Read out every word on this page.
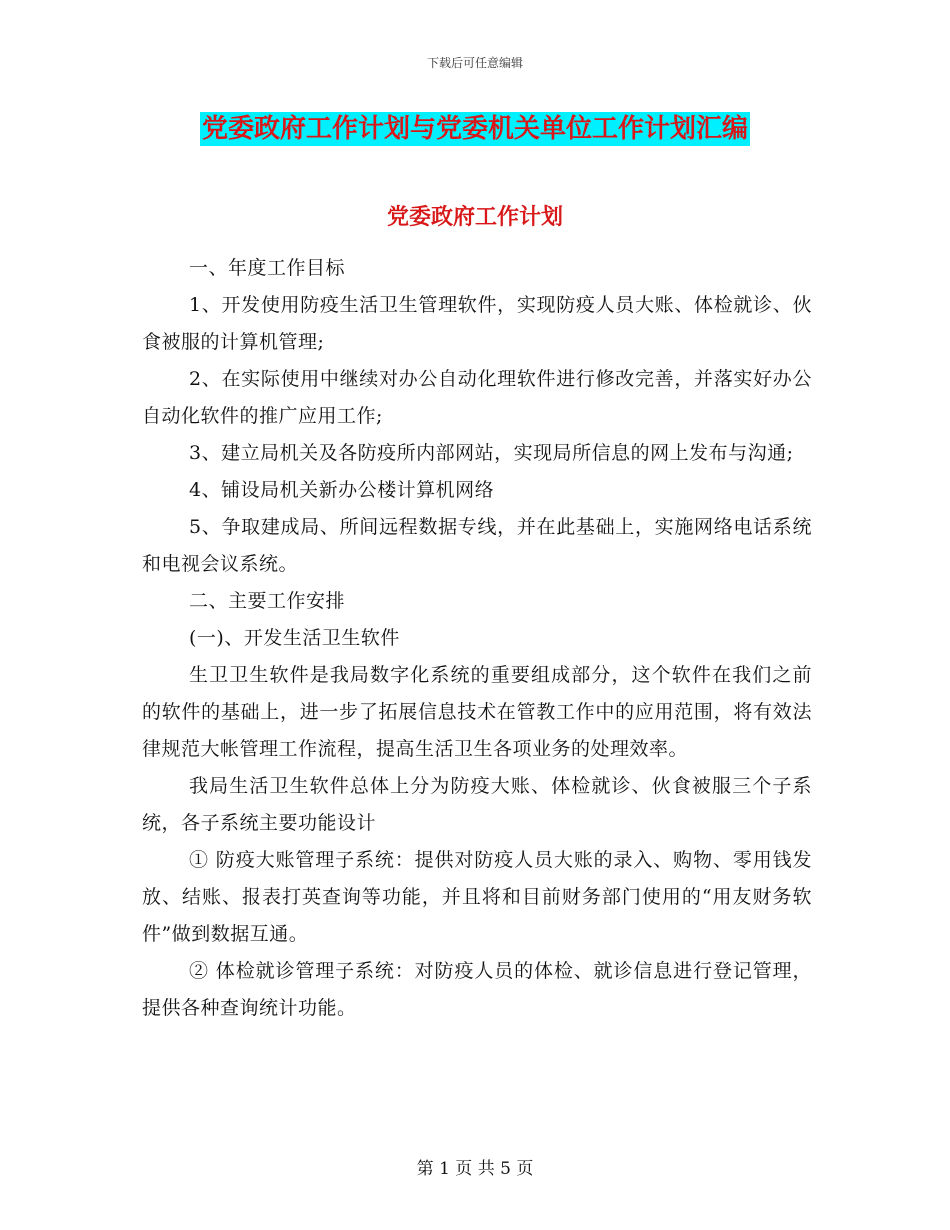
下载后可任意编辑
党委政府工作计划与党委机关单位工作计划汇编
党委政府工作计划

一、年度工作目标

1、开发使用防疫生活卫生管理软件，实现防疫人员大账、体检就诊、伙食被服的计算机管理;

2、在实际使用中继续对办公自动化理软件进行修改完善，并落实好办公自动化软件的推广应用工作;

3、建立局机关及各防疫所内部网站，实现局所信息的网上发布与沟通;

4、铺设局机关新办公楼计算机网络

5、争取建成局、所间远程数据专线，并在此基础上，实施网络电话系统和电视会议系统。

二、主要工作安排

(一)、开发生活卫生软件

生卫卫生软件是我局数字化系统的重要组成部分，这个软件在我们之前的软件的基础上，进一步了拓展信息技术在管教工作中的应用范围，将有效法律规范大帐管理工作流程，提高生活卫生各项业务的处理效率。

我局生活卫生软件总体上分为防疫大账、体检就诊、伙食被服三个子系统，各子系统主要功能设计

① 防疫大账管理子系统：提供对防疫人员大账的录入、购物、零用钱发放、结账、报表打英查询等功能，并且将和目前财务部门使用的“用友财务软件”做到数据互通。

② 体检就诊管理子系统：对防疫人员的体检、就诊信息进行登记管理，提供各种查询统计功能。

第 1 页 共 5 页
